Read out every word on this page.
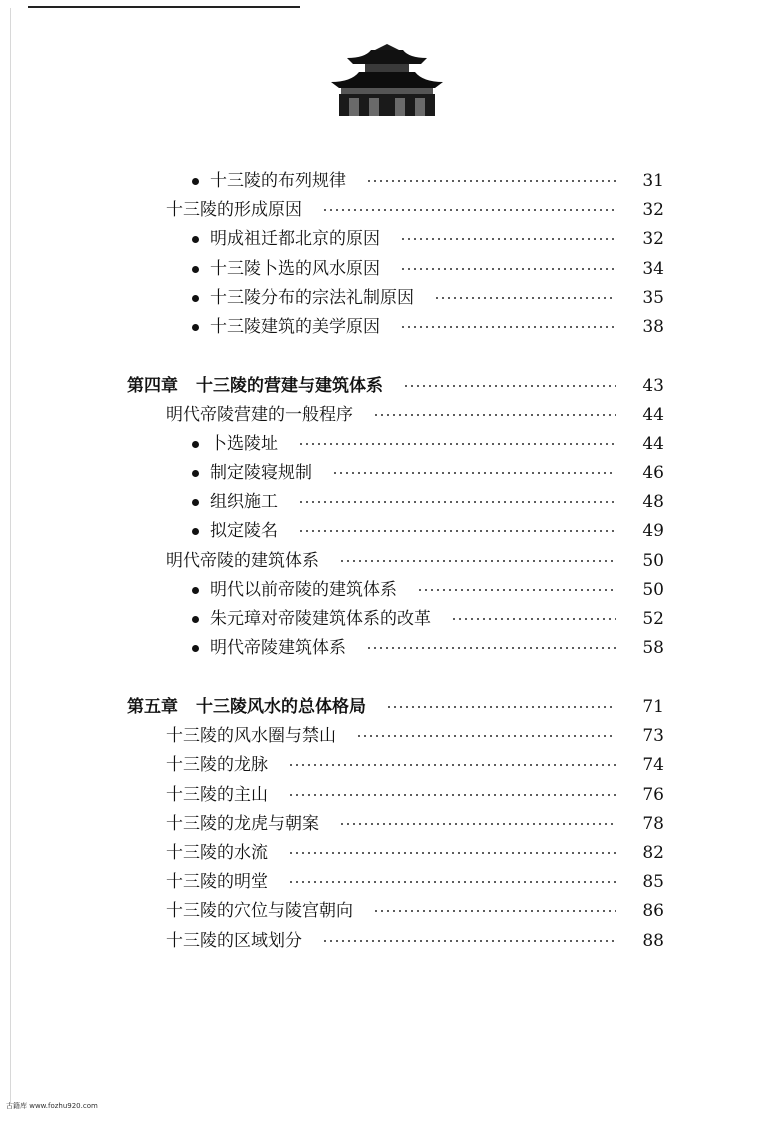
十三陵的布列规律	31
十三陵的形成原因	32
明成祖迁都北京的原因	32
十三陵卜选的风水原因	34
十三陵分布的宗法礼制原因	35
十三陵建筑的美学原因	38
第四章 十三陵的营建与建筑体系	43
明代帝陵营建的一般程序	44
卜选陵址	44
制定陵寝规制	46
组织施工	48
拟定陵名	49
明代帝陵的建筑体系	50
明代以前帝陵的建筑体系	50
朱元璋对帝陵建筑体系的改革	52
明代帝陵建筑体系	58
第五章 十三陵风水的总体格局	71
十三陵的风水圈与禁山	73
十三陵的龙脉	74
十三陵的主山	76
十三陵的龙虎与朝案	78
十三陵的水流	82
十三陵的明堂	85
十三陵的穴位与陵宫朝向	86
十三陵的区域划分	88
古籍库 www.fozhu920.com
